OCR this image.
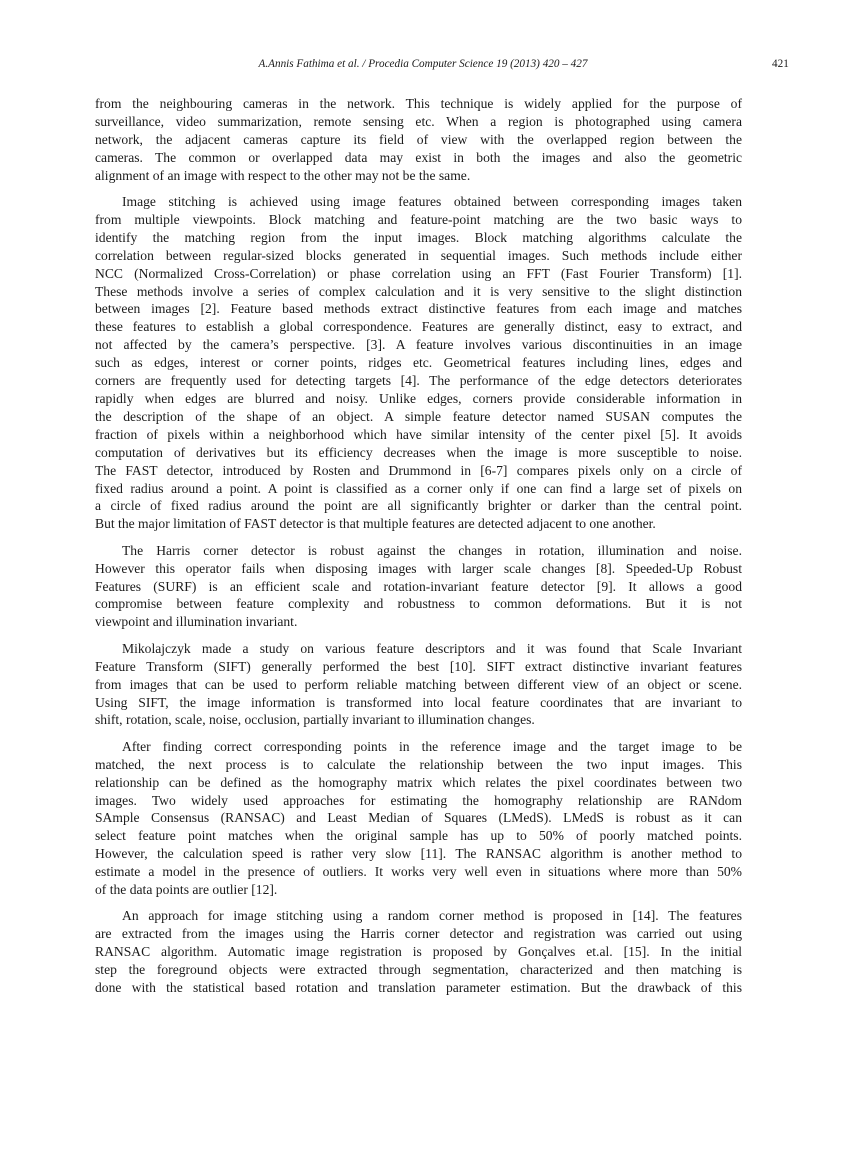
A.Annis Fathima et al. / Procedia Computer Science 19 (2013) 420 – 427	421
from the neighbouring cameras in the network. This technique is widely applied for the purpose of
surveillance, video summarization, remote sensing etc. When a region is photographed using camera
network, the adjacent cameras capture its field of view with the overlapped region between the
cameras. The common or overlapped data may exist in both the images and also the geometric
alignment of an image with respect to the other may not be the same.
Image stitching is achieved using image features obtained between corresponding images taken
from multiple viewpoints. Block matching and feature-point matching are the two basic ways to
identify the matching region from the input images. Block matching algorithms calculate the
correlation between regular-sized blocks generated in sequential images. Such methods include either
NCC (Normalized Cross-Correlation) or phase correlation using an FFT (Fast Fourier Transform) [1].
These methods involve a series of complex calculation and it is very sensitive to the slight distinction
between images [2]. Feature based methods extract distinctive features from each image and matches
these features to establish a global correspondence. Features are generally distinct, easy to extract, and
not affected by the camera’s perspective. [3]. A feature involves various discontinuities in an image
such as edges, interest or corner points, ridges etc. Geometrical features including lines, edges and
corners are frequently used for detecting targets [4]. The performance of the edge detectors deteriorates
rapidly when edges are blurred and noisy. Unlike edges, corners provide considerable information in
the description of the shape of an object. A simple feature detector named SUSAN computes the
fraction of pixels within a neighborhood which have similar intensity of the center pixel [5]. It avoids
computation of derivatives but its efficiency decreases when the image is more susceptible to noise.
The FAST detector, introduced by Rosten and Drummond in [6-7] compares pixels only on a circle of
fixed radius around a point. A point is classified as a corner only if one can find a large set of pixels on
a circle of fixed radius around the point are all significantly brighter or darker than the central point.
But the major limitation of FAST detector is that multiple features are detected adjacent to one another.
The Harris corner detector is robust against the changes in rotation, illumination and noise.
However this operator fails when disposing images with larger scale changes [8]. Speeded-Up Robust
Features (SURF) is an efficient scale and rotation-invariant feature detector [9]. It allows a good
compromise between feature complexity and robustness to common deformations. But it is not
viewpoint and illumination invariant.
Mikolajczyk made a study on various feature descriptors and it was found that Scale Invariant
Feature Transform (SIFT) generally performed the best [10]. SIFT extract distinctive invariant features
from images that can be used to perform reliable matching between different view of an object or scene.
Using SIFT, the image information is transformed into local feature coordinates that are invariant to
shift, rotation, scale, noise, occlusion, partially invariant to illumination changes.
After finding correct corresponding points in the reference image and the target image to be
matched, the next process is to calculate the relationship between the two input images. This
relationship can be defined as the homography matrix which relates the pixel coordinates between two
images. Two widely used approaches for estimating the homography relationship are RANdom
SAmple Consensus (RANSAC) and Least Median of Squares (LMedS). LMedS is robust as it can
select feature point matches when the original sample has up to 50% of poorly matched points.
However, the calculation speed is rather very slow [11]. The RANSAC algorithm is another method to
estimate a model in the presence of outliers. It works very well even in situations where more than 50%
of the data points are outlier [12].
An approach for image stitching using a random corner method is proposed in [14]. The features
are extracted from the images using the Harris corner detector and registration was carried out using
RANSAC algorithm. Automatic image registration is proposed by Gonçalves et.al. [15]. In the initial
step the foreground objects were extracted through segmentation, characterized and then matching is
done with the statistical based rotation and translation parameter estimation. But the drawback of this
